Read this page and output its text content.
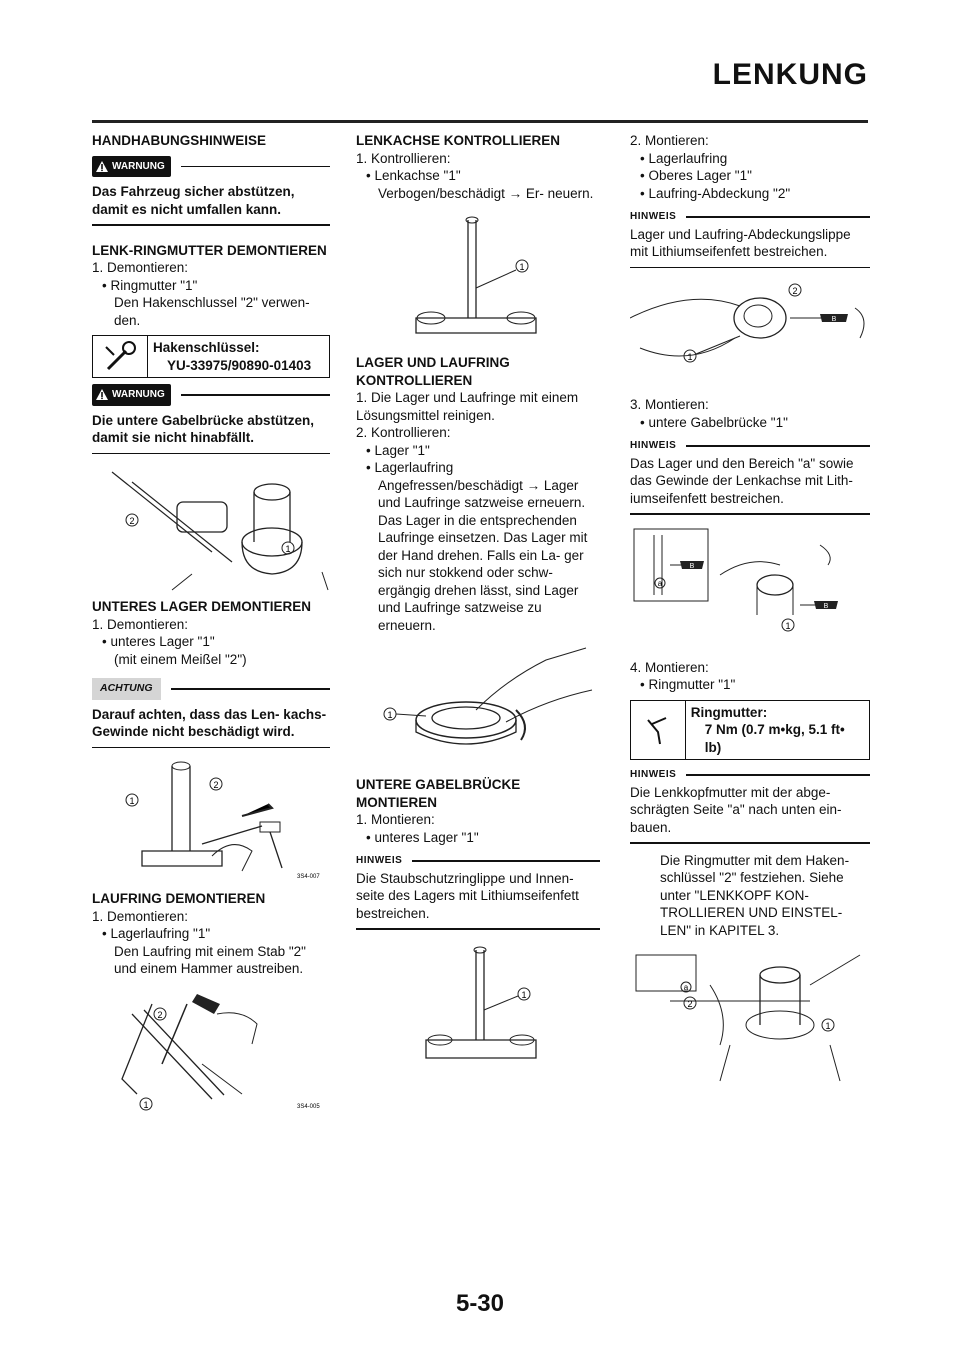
LENKUNG

HANDHABUNGSHINWEISE

WARNUNG

Das Fahrzeug sicher abstützen, damit es nicht umfallen kann.

LENK-RINGMUTTER DEMONTIEREN

1. Demontieren:

• Ringmutter "1"

Den Hakenschlussel "2" verwen- den.

Hakenschlüssel:
YU-33975/90890-01403
WARNUNG

Die untere Gabelbrücke abstützen, damit sie nicht hinabfällt.

2
1

UNTERES LAGER DEMONTIEREN

1. Demontieren:

• unteres Lager "1"

(mit einem Meißel "2")

ACHTUNG

Darauf achten, dass das Len- kachs-Gewinde nicht beschädigt wird.

1
2
3S4-007

LAUFRING DEMONTIEREN

1. Demontieren:

• Lagerlaufring "1"

Den Laufring mit einem Stab "2" und einem Hammer austreiben.

2
1	3S4-005

LENKACHSE KONTROLLIEREN

1. Kontrollieren:

• Lenkachse "1"

Verbogen/beschädigt → Er- neuern.

1

LAGER UND LAUFRING KONTROLLIEREN

1. Die Lager und Laufringe mit einem Lösungsmittel reinigen.

2. Kontrollieren:

• Lager "1"

• Lagerlaufring

Angefressen/beschädigt → Lager und Laufringe satzweise erneuern.

Das Lager in die entsprechenden Laufringe einsetzen. Das Lager mit der Hand drehen. Falls ein La- ger sich nur stokkend oder schw- ergängig drehen lässt, sind Lager und Laufringe satzweise zu erneuern.

1

UNTERE GABELBRÜCKE MONTIEREN

1. Montieren:

• unteres Lager "1"

HINWEIS

Die Staubschutzringlippe und Innen- seite des Lagers mit Lithiumseifenfett bestreichen.

1

2. Montieren:

• Lagerlaufring

• Oberes Lager "1"

• Laufring-Abdeckung "2"

HINWEIS

Lager und Laufring-Abdeckungslippe mit Lithiumseifenfett bestreichen.

B
2
1

3. Montieren:

• untere Gabelbrücke "1"

HINWEIS

Das Lager und den Bereich "a" sowie das Gewinde der Lenkachse mit Lith- iumseifenfett bestreichen.

B
a
B
1

4. Montieren:

• Ringmutter "1"

Ringmutter:
7 Nm (0.7 m•kg, 5.1 ft• lb)
HINWEIS

Die Lenkkopfmutter mit der abge- schrägten Seite "a" nach unten ein- bauen.

Die Ringmutter mit dem Haken- schlüssel "2" festziehen. Siehe unter "LENKKOPF KON- TROLLIEREN UND EINSTEL- LEN" in KAPITEL 3.

a
2
1
5-30
